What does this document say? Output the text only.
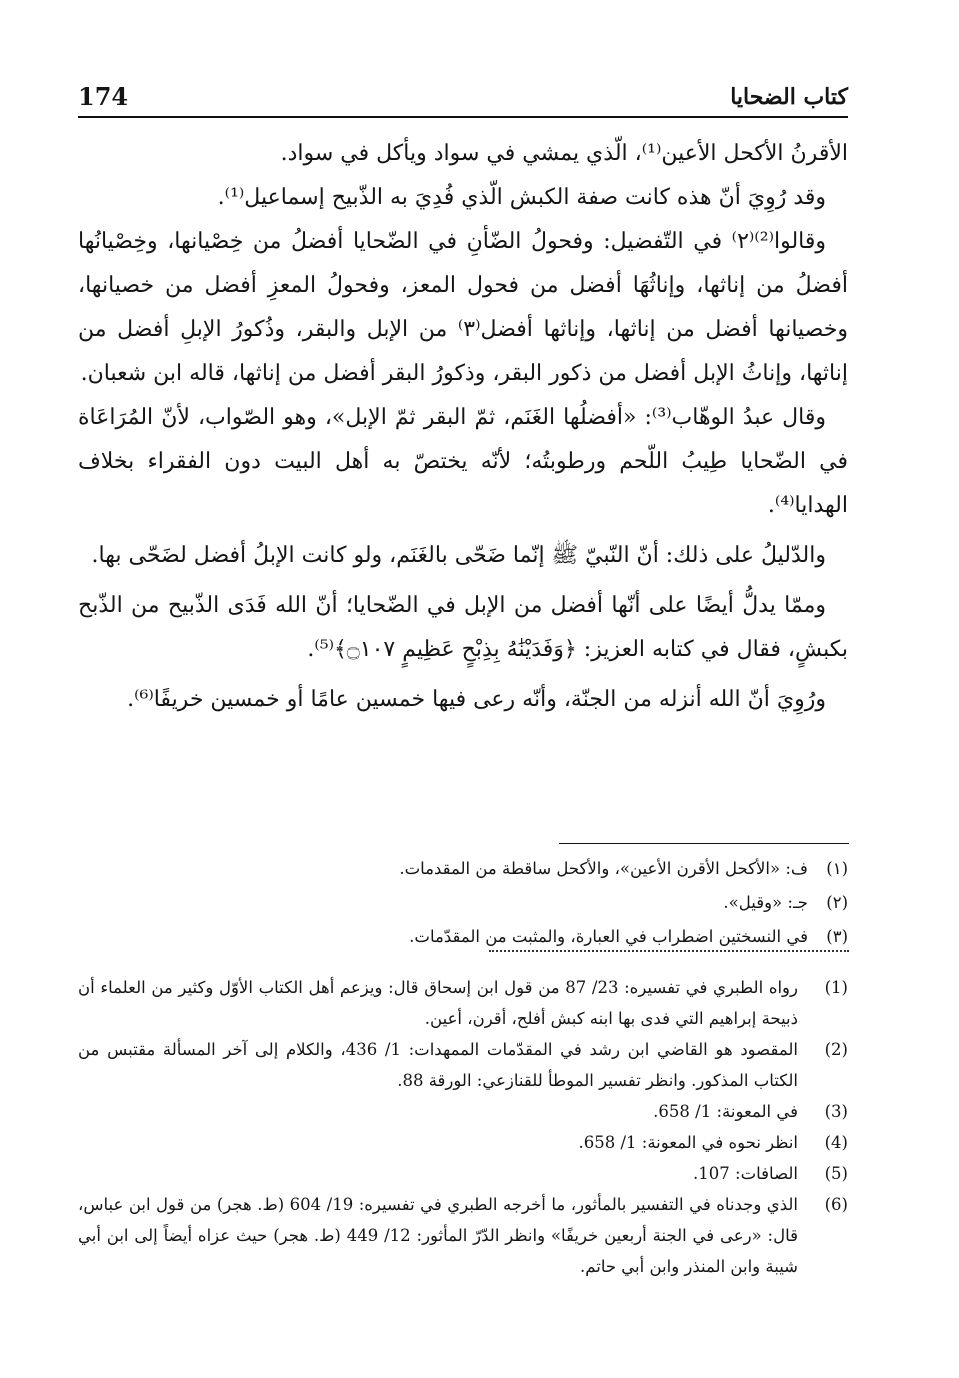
كتاب الضحايا
174

الأقرنُ الأكحل الأعين⁽¹⁾، الّذي يمشي في سواد ويأكل في سواد.

وقد رُوِيَ أنّ هذه كانت صفة الكبش الّذي فُدِيَ به الذّبيح إسماعيل⁽¹⁾.

وقالوا⁽²⁾⁽٢⁾ في التّفضيل: وفحولُ الضّأنِ في الضّحايا أفضلُ من خِصْيانها، وخِصْيانُها أفضلُ من إناثها، وإناثُهَا أفضل من فحول المعز، وفحولُ المعزِ أفضل من خصيانها، وخصيانها أفضل من إناثها، وإناثها أفضل⁽٣⁾ من الإبل والبقر، وذُكورُ الإبلِ أفضل من إناثها، وإناثُ الإبل أفضل من ذكور البقر، وذكورُ البقر أفضل من إناثها، قاله ابن شعبان.

وقال عبدُ الوهّاب⁽³⁾: «أفضلُها الغَنَم، ثمّ البقر ثمّ الإبل»، وهو الصّواب، لأنّ المُرَاعَاة في الضّحايا طِيبُ اللّحم ورطوبتُه؛ لأنّه يختصّ به أهل البيت دون الفقراء بخلاف الهدايا⁽⁴⁾.

والدّليلُ على ذلك: أنّ النّبيّ ﷺ إنّما ضَحّى بالغَنَم، ولو كانت الإبلُ أفضل لضَحّى بها.

وممّا يدلُّ أيضًا على أنّها أفضل من الإبل في الضّحايا؛ أنّ الله فَدَى الذّبيح من الذّبح بكبشٍ، فقال في كتابه العزيز: ﴿وَفَدَيْنَٰهُ بِذِبْحٍ عَظِيمٍ ۝١٠٧﴾⁽⁵⁾.

ورُوِيَ أنّ الله أنزله من الجنّة، وأنّه رعى فيها خمسين عامًا أو خمسين خريفًا⁽⁶⁾.

(١)
ف: «الأكحل الأقرن الأعين»، والأكحل ساقطة من المقدمات.
(٢)
جـ: «وقيل».
(٣)
في النسختين اضطراب في العبارة، والمثبت من المقدّمات.
(1)
رواه الطبري في تفسيره: 23/ 87 من قول ابن إسحاق قال: ويزعم أهل الكتاب الأوّل وكثير من العلماء أن ذبيحة إبراهيم التي فدى بها ابنه كبش أفلح، أقرن، أعين.
(2)
المقصود هو القاضي ابن رشد في المقدّمات الممهدات: 1/ 436، والكلام إلى آخر المسألة مقتبس من الكتاب المذكور. وانظر تفسير الموطأ للقنازعي: الورقة 88.
(3)
في المعونة: 1/ 658.
(4)
انظر نحوه في المعونة: 1/ 658.
(5)
الصافات: 107.
(6)
الذي وجدناه في التفسير بالمأثور، ما أخرجه الطبري في تفسيره: 19/ 604 (ط. هجر) من قول ابن عباس، قال: «رعى في الجنة أربعين خريفًا» وانظر الدّرّ المأثور: 12/ 449 (ط. هجر) حيث عزاه أيضاً إلى ابن أبي شيبة وابن المنذر وابن أبي حاتم.
